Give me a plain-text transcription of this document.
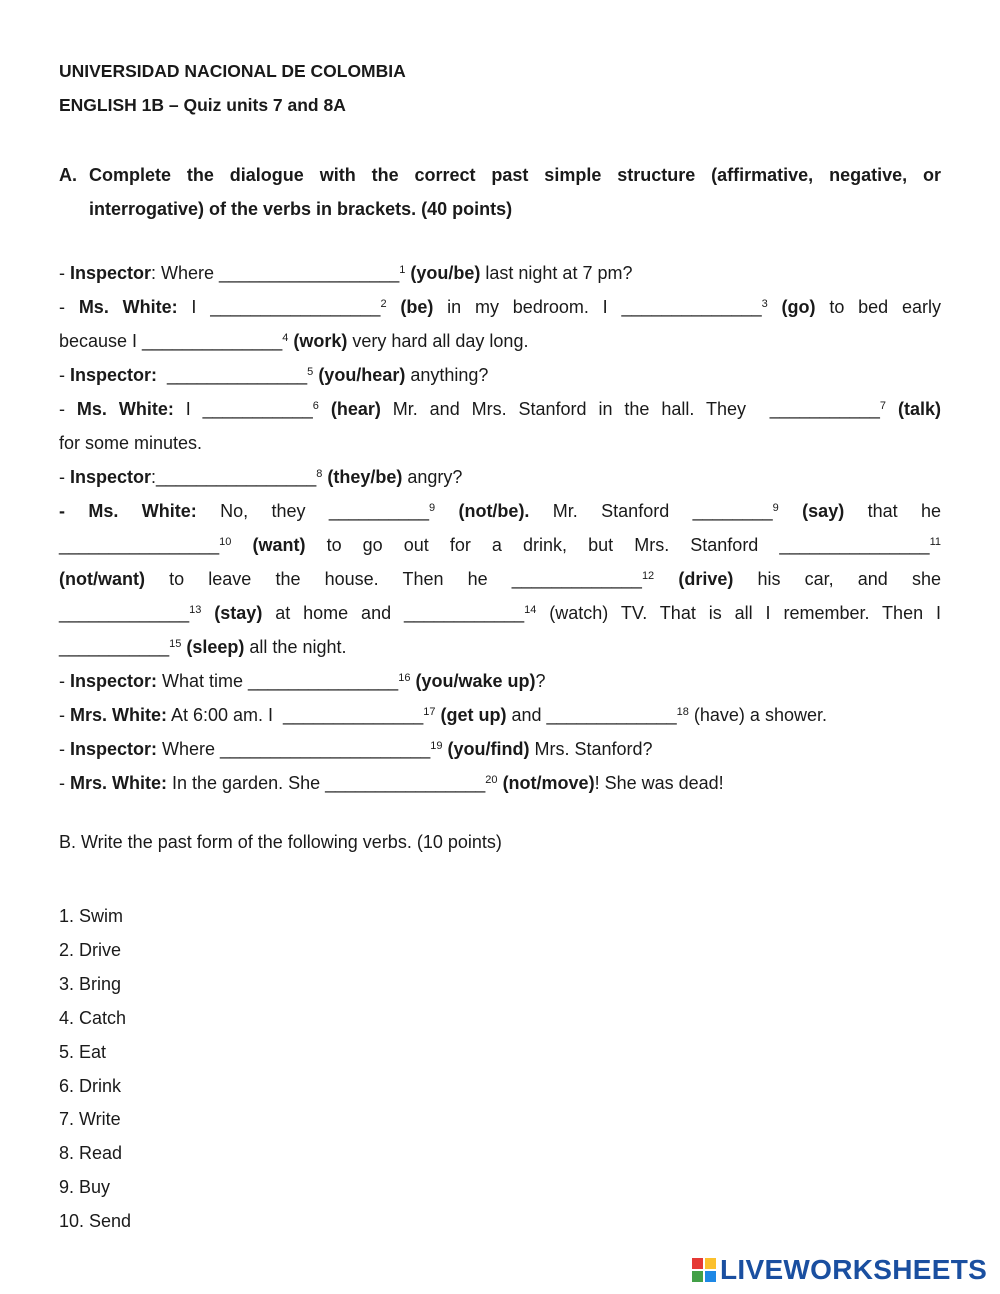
UNIVERSIDAD NACIONAL DE COLOMBIA
ENGLISH 1B – Quiz units 7 and 8A
A. Complete the dialogue with the correct past simple structure (affirmative, negative, or interrogative) of the verbs in brackets. (40 points)
- Inspector: Where __________________$^1$ (you/be) last night at 7 pm?
- Ms. White: I _________________$^2$ (be) in my bedroom. I ______________$^3$ (go) to bed early
because I ______________$^4$ (work) very hard all day long.
- Inspector:  ______________$^5$ (you/hear) anything?
- Ms. White: I ___________$^6$ (hear) Mr. and Mrs. Stanford in the hall. They  ___________$^7$ (talk)
for some minutes.
- Inspector:________________$^8$ (they/be) angry?
- Ms. White: No, they __________$^9$ (not/be). Mr. Stanford ________$^9$ (say) that he
________________$^{10}$ (want) to go out for a drink, but Mrs. Stanford _______________$^{11}$
(not/want) to leave the house. Then he _____________$^{12}$ (drive) his car, and she
_____________$^{13}$ (stay) at home and ____________$^{14}$ (watch) TV. That is all I remember. Then I
___________$^{15}$ (sleep) all the night.
- Inspector: What time _______________$^{16}$ (you/wake up)?
- Mrs. White: At 6:00 am. I  ______________$^{17}$ (get up) and _____________$^{18}$ (have) a shower.
- Inspector: Where _____________________$^{19}$ (you/find) Mrs. Stanford?
- Mrs. White: In the garden. She ________________$^{20}$ (not/move)! She was dead!
B. Write the past form of the following verbs. (10 points)
1. Swim
2. Drive
3. Bring
4. Catch
5. Eat
6. Drink
7. Write
8. Read
9. Buy
10. Send
LIVEWORKSHEETS
